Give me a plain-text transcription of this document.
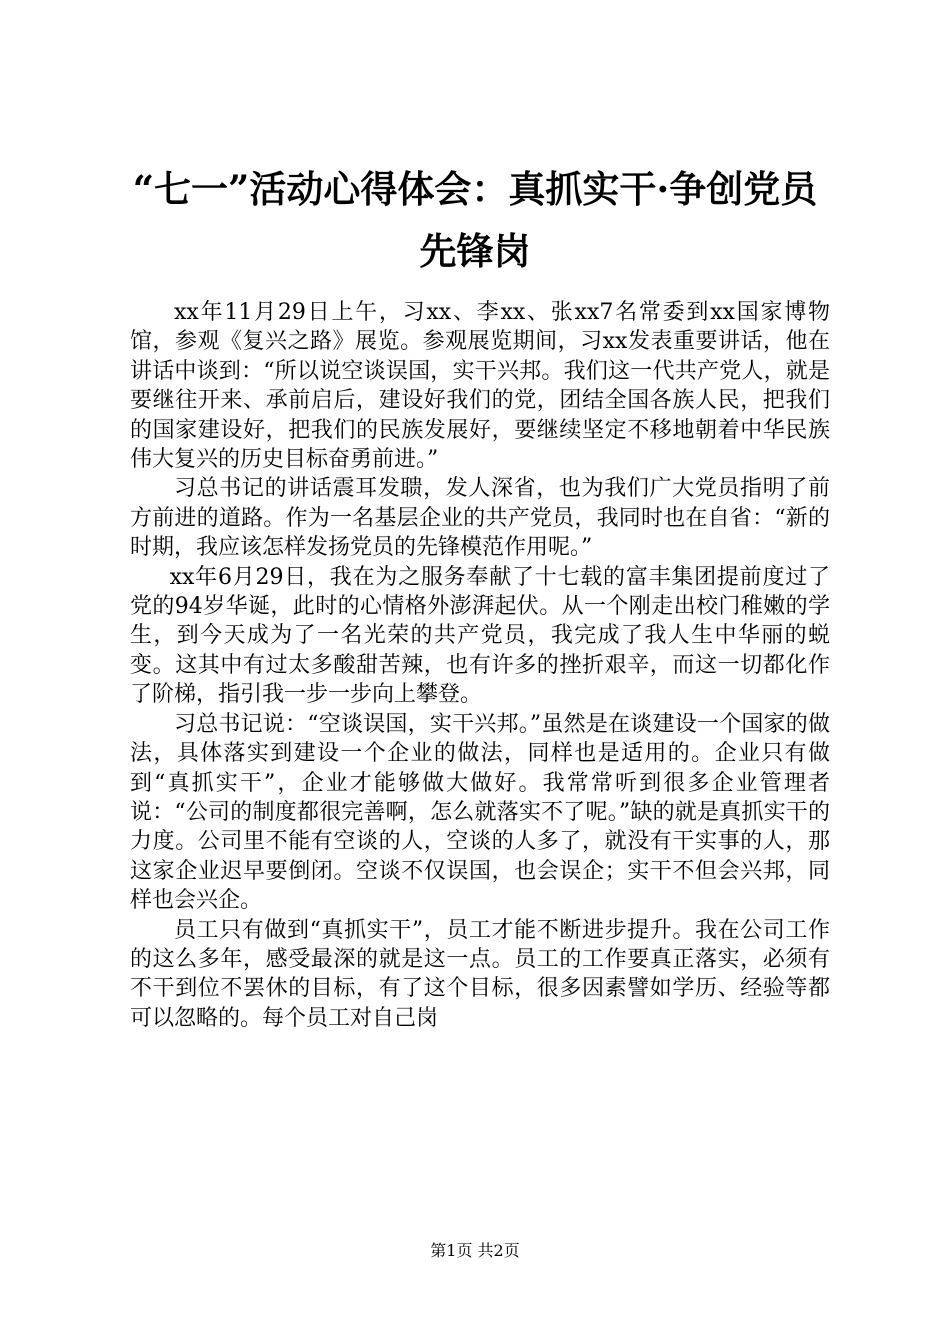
“七一”活动心得体会：真抓实干·争创党员
先锋岗

xx年11月29日上午，习xx、李xx、张xx7名常委到xx国家博物馆，参观《复兴之路》展览。参观展览期间，习xx发表重要讲话，他在讲话中谈到：“所以说空谈误国，实干兴邦。我们这一代共产党人，就是要继往开来、承前启后，建设好我们的党，团结全国各族人民，把我们的国家建设好，把我们的民族发展好，要继续坚定不移地朝着中华民族伟大复兴的历史目标奋勇前进。”

习总书记的讲话震耳发聩，发人深省，也为我们广大党员指明了前方前进的道路。作为一名基层企业的共产党员，我同时也在自省：“新的时期，我应该怎样发扬党员的先锋模范作用呢。”

xx年6月29日，我在为之服务奉献了十七载的富丰集团提前度过了党的94岁华诞，此时的心情格外澎湃起伏。从一个刚走出校门稚嫩的学生，到今天成为了一名光荣的共产党员，我完成了我人生中华丽的蜕变。这其中有过太多酸甜苦辣，也有许多的挫折艰辛，而这一切都化作了阶梯，指引我一步一步向上攀登。

习总书记说：“空谈误国，实干兴邦。”虽然是在谈建设一个国家的做法，具体落实到建设一个企业的做法，同样也是适用的。企业只有做到“真抓实干”，企业才能够做大做好。我常常听到很多企业管理者说：“公司的制度都很完善啊，怎么就落实不了呢。”缺的就是真抓实干的力度。公司里不能有空谈的人，空谈的人多了，就没有干实事的人，那这家企业迟早要倒闭。空谈不仅误国，也会误企；实干不但会兴邦，同样也会兴企。

员工只有做到“真抓实干”，员工才能不断进步提升。我在公司工作的这么多年，感受最深的就是这一点。员工的工作要真正落实，必须有不干到位不罢休的目标，有了这个目标，很多因素譬如学历、经验等都可以忽略的。每个员工对自己岗

第1页 共2页
